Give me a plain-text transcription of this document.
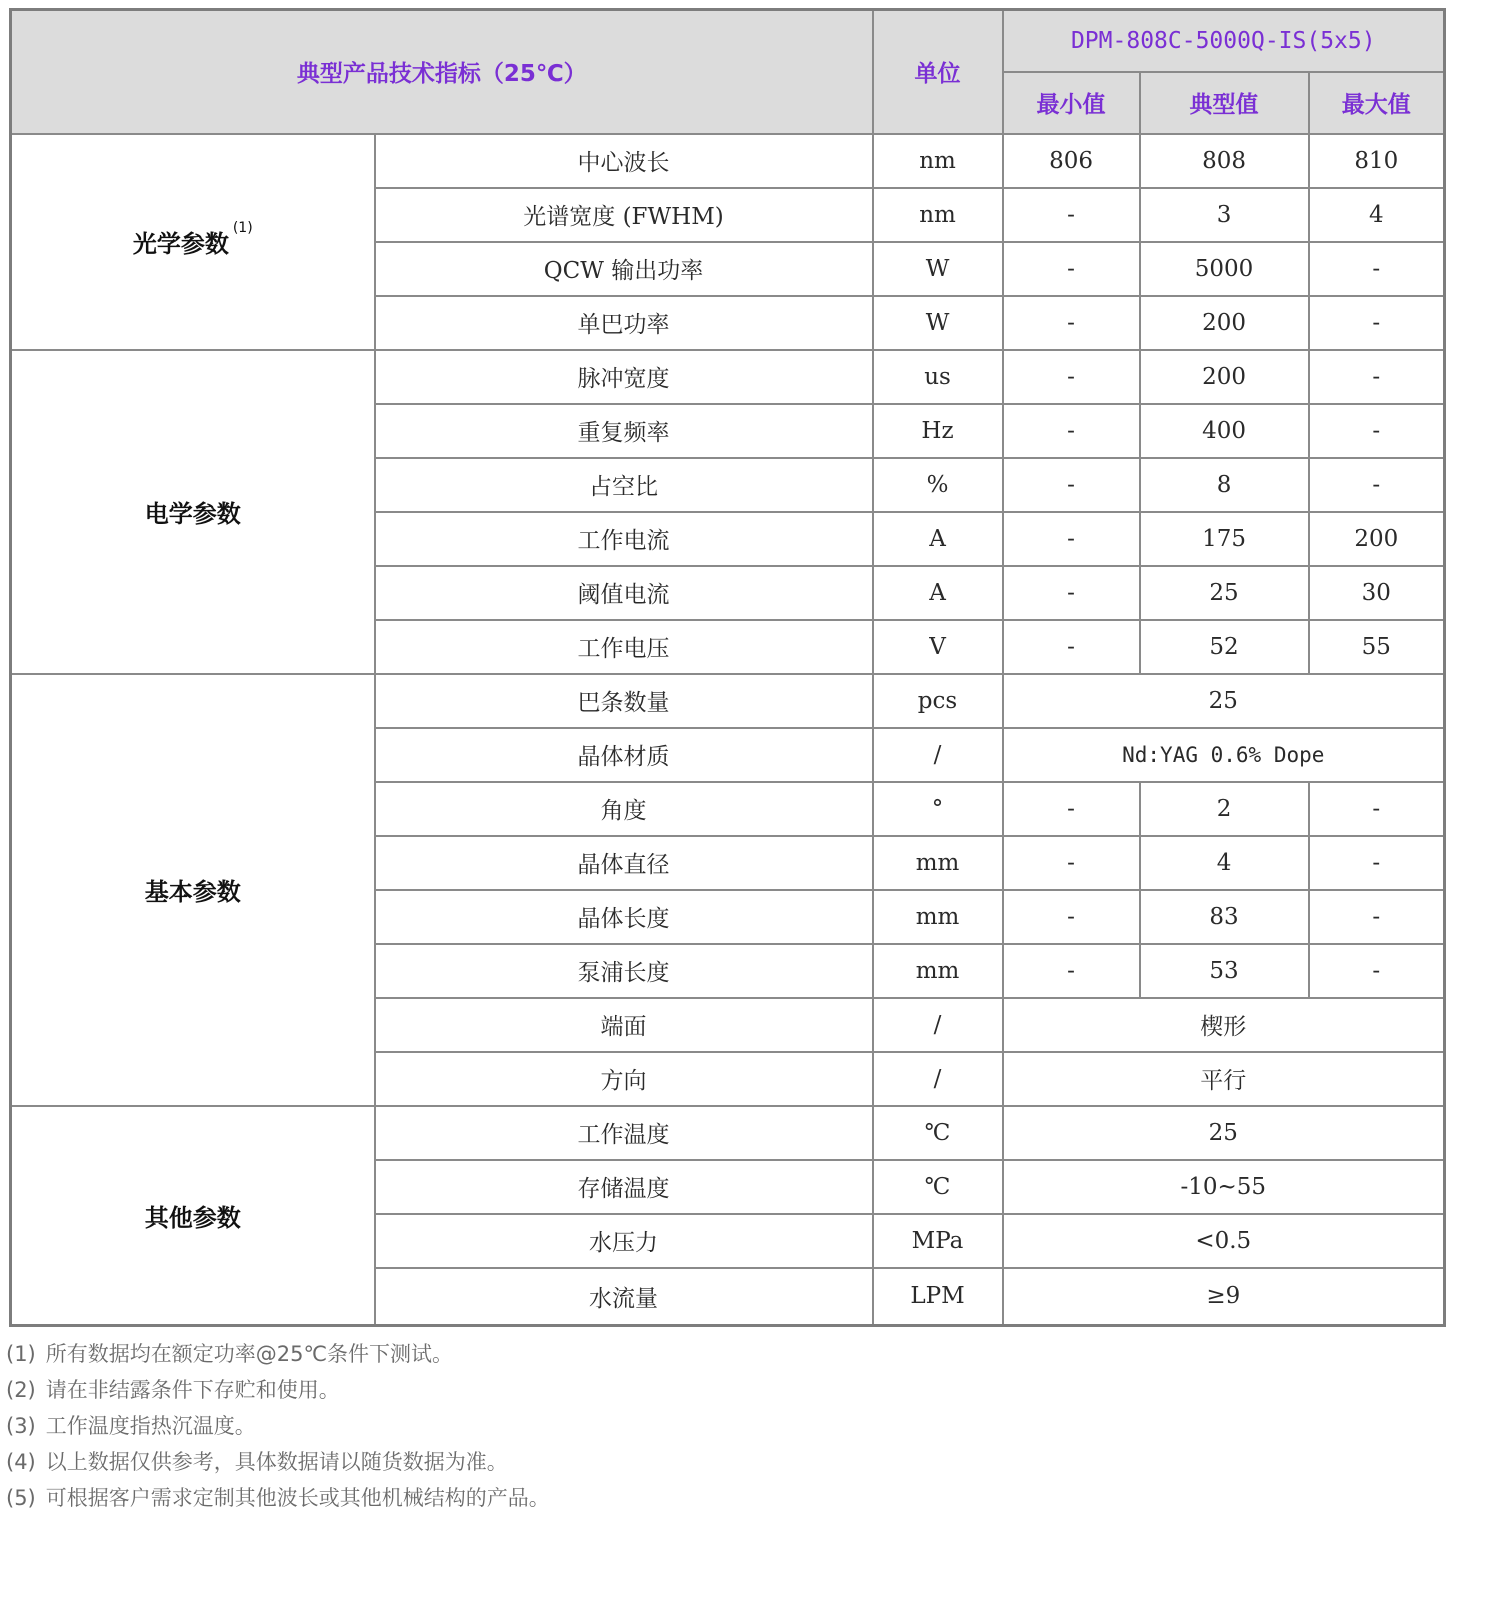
典型产品技术指标（25℃）		单位	DPM-808C-5000Q-IS(5x5)		
			最小值	典型值	最大值
光学参数$^{(1)}$	中心波长	nm	806	808	810
	光谱宽度 (FWHM)	nm	-	3	4
	QCW 输出功率	W	-	5000	-
	单巴功率	W	-	200	-
电学参数	脉冲宽度	us	-	200	-
	重复频率	Hz	-	400	-
	占空比	%	-	8	-
	工作电流	A	-	175	200
	阈值电流	A	-	25	30
	工作电压	V	-	52	55
基本参数	巴条数量	pcs	25		
	晶体材质	/	Nd:YAG 0.6% Dope		
	角度	°	-	2	-
	晶体直径	mm	-	4	-
	晶体长度	mm	-	83	-
	泵浦长度	mm	-	53	-
	端面	/	楔形		
	方向	/	平行		
其他参数	工作温度	℃	25		
	存储温度	℃	-10~55		
	水压力	MPa	<0.5		
	水流量	LPM	≥9		
(1) 所有数据均在额定功率@25℃条件下测试。
(2) 请在非结露条件下存贮和使用。
(3) 工作温度指热沉温度。
(4) 以上数据仅供参考，具体数据请以随货数据为准。
(5) 可根据客户需求定制其他波长或其他机械结构的产品。
